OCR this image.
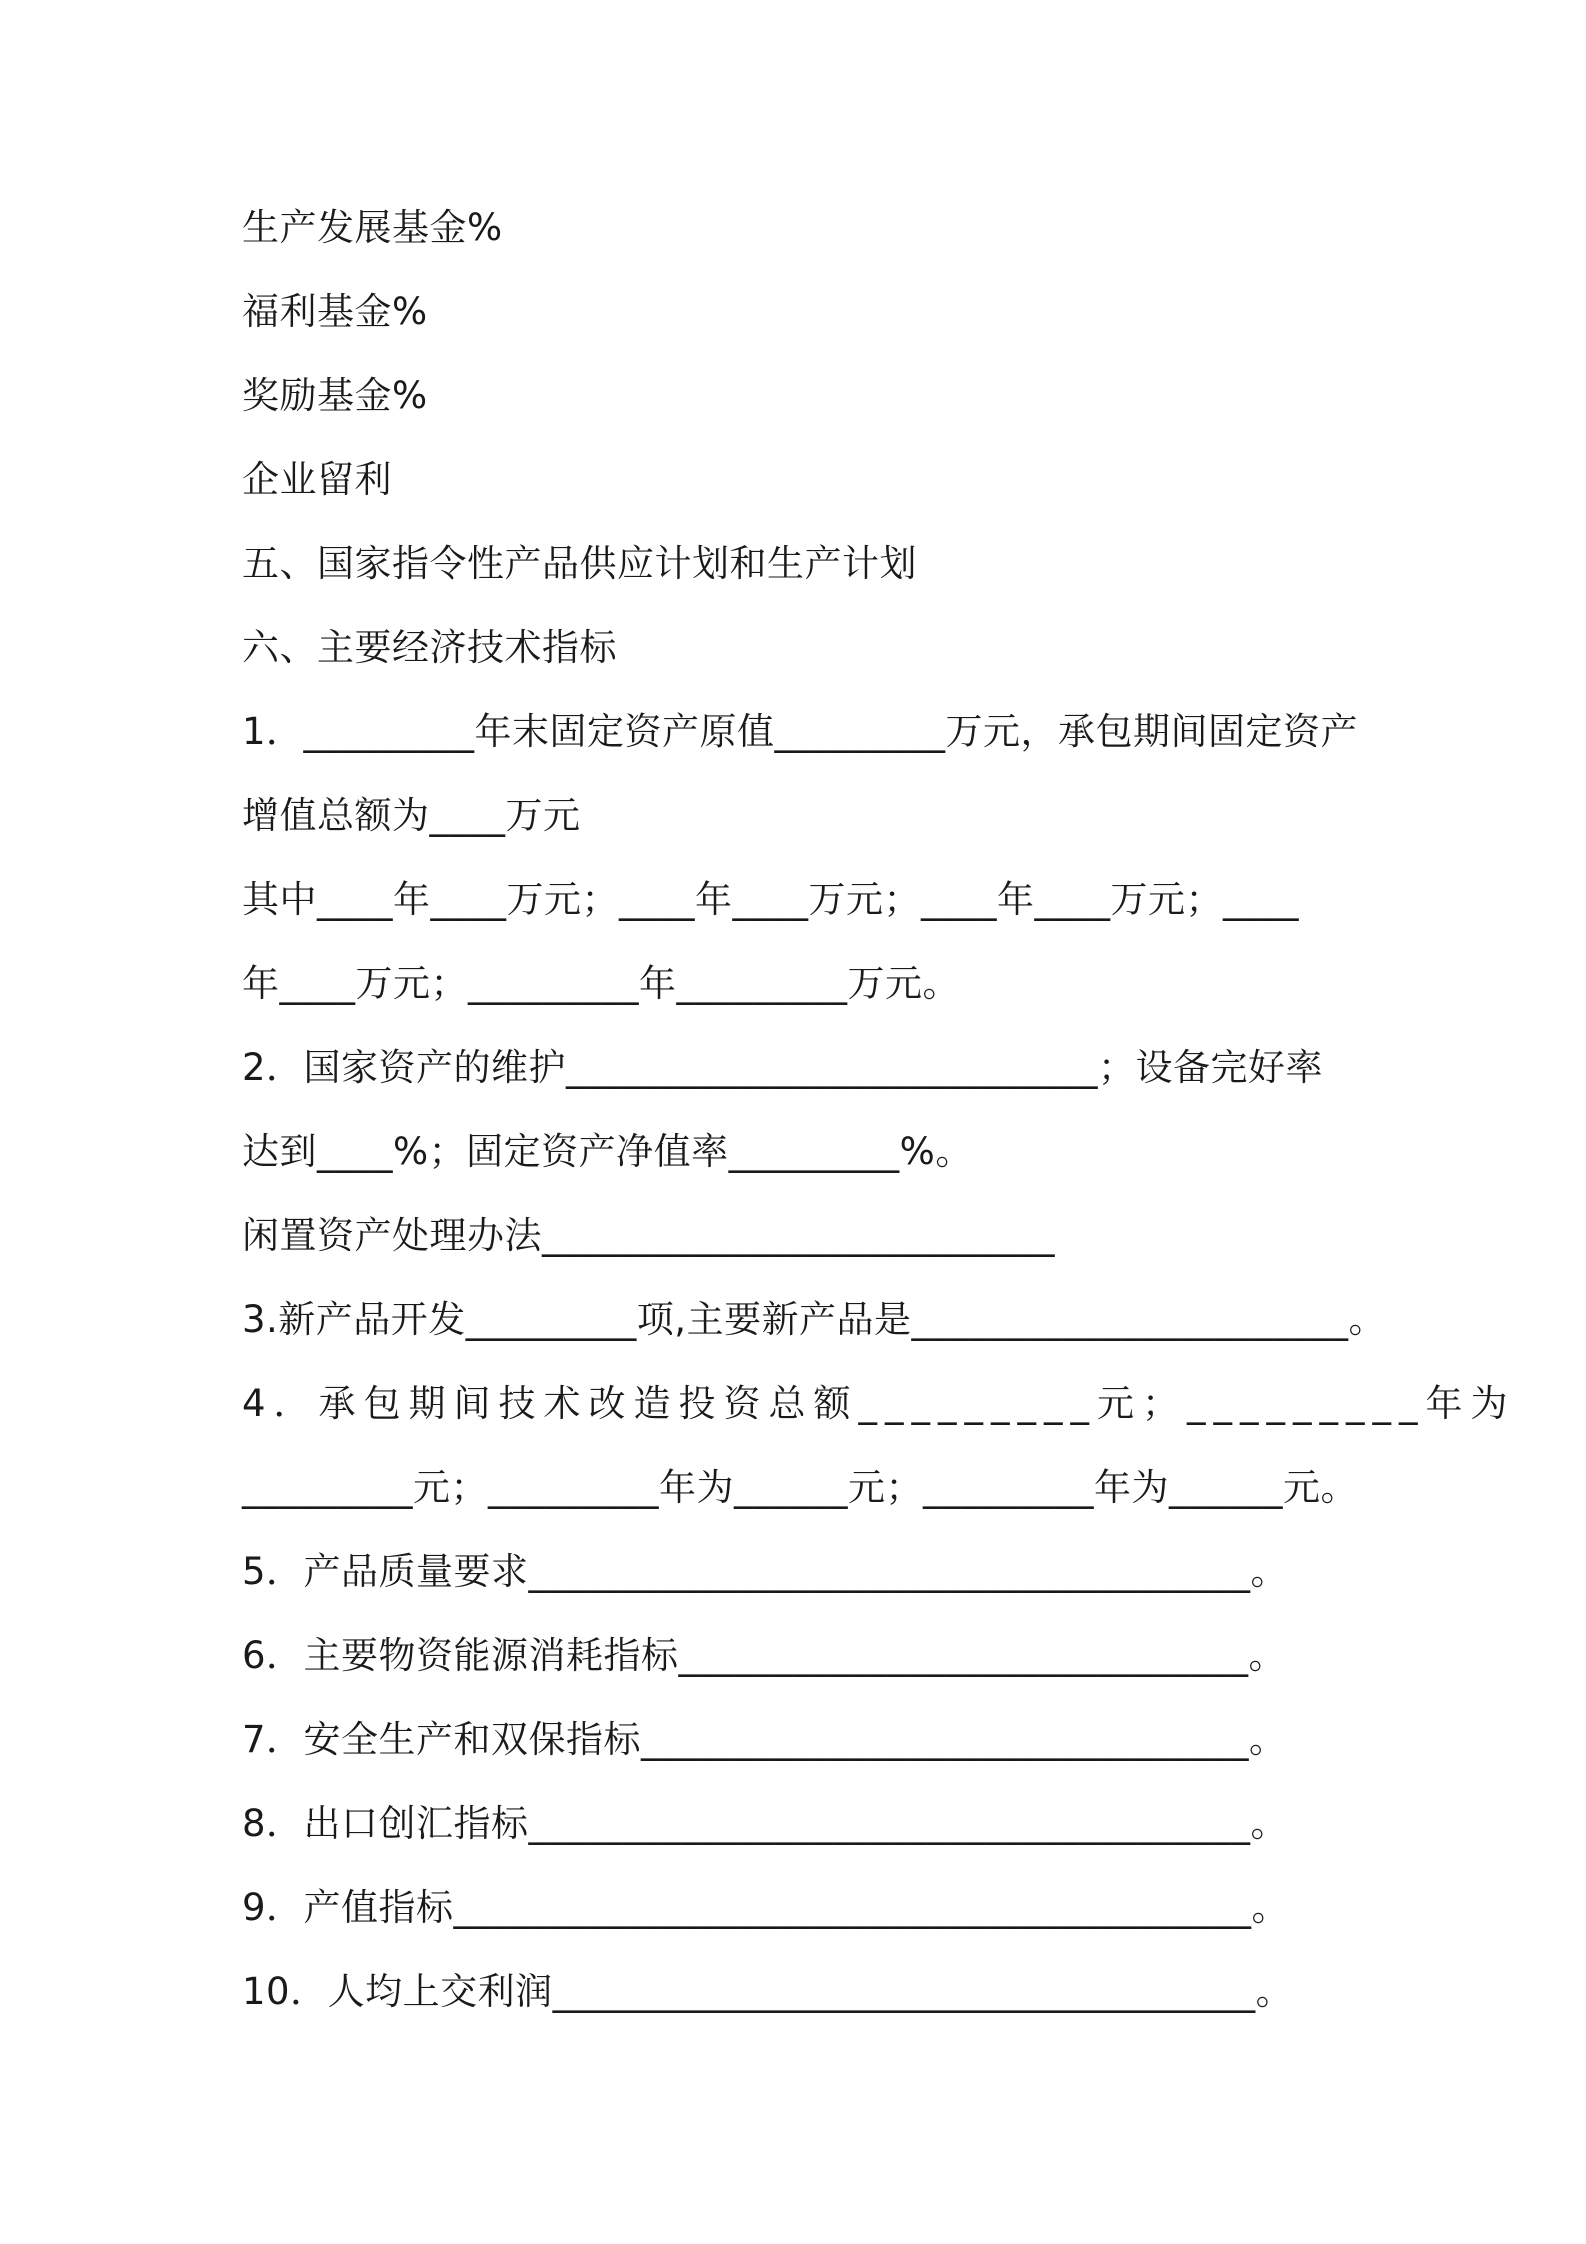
生产发展基金%

福利基金%

奖励基金%

企业留利

五、国家指令性产品供应计划和生产计划

六、主要经济技术指标

1．_________年末固定资产原值_________万元，承包期间固定资产

增值总额为____万元

其中____年____万元；____年____万元；____年____万元；____

年____万元；_________年_________万元。

2．国家资产的维护____________________________；设备完好率

达到____%；固定资产净值率_________%。

闲置资产处理办法___________________________

3.新产品开发_________项,主要新产品是_______________________。

4．承包期间技术改造投资总额_________元；_________年为

_________元；_________年为______元；_________年为______元。

5．产品质量要求______________________________________。

6．主要物资能源消耗指标______________________________。

7．安全生产和双保指标________________________________。

8．出口创汇指标______________________________________。

9．产值指标__________________________________________。

10．人均上交利润_____________________________________。
